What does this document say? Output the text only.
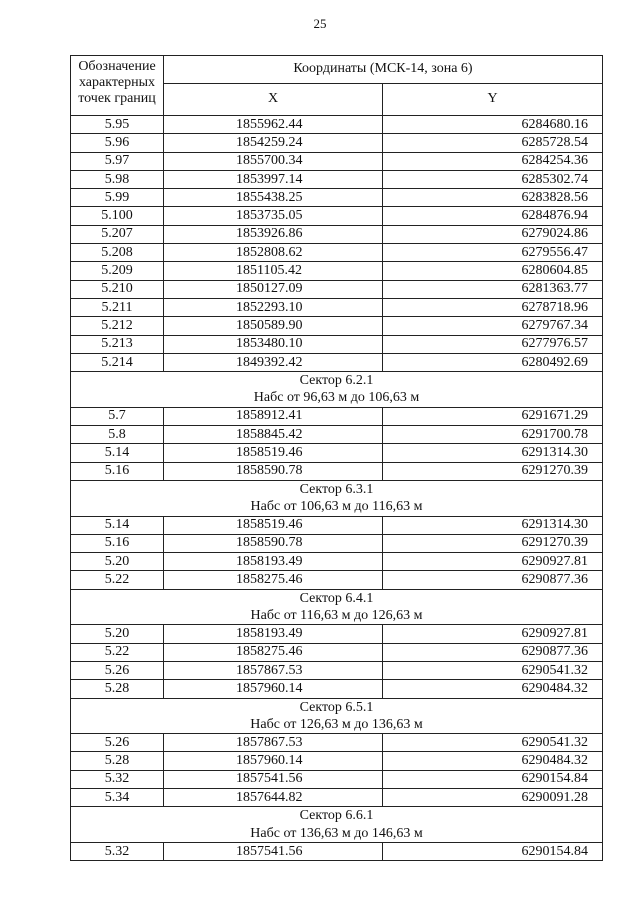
25
Обозначение характерных точек границ	Координаты (МСК-14, зона 6)	
	X	Y
5.95	1855962.44	6284680.16
5.96	1854259.24	6285728.54
5.97	1855700.34	6284254.36
5.98	1853997.14	6285302.74
5.99	1855438.25	6283828.56
5.100	1853735.05	6284876.94
5.207	1853926.86	6279024.86
5.208	1852808.62	6279556.47
5.209	1851105.42	6280604.85
5.210	1850127.09	6281363.77
5.211	1852293.10	6278718.96
5.212	1850589.90	6279767.34
5.213	1853480.10	6277976.57
5.214	1849392.42	6280492.69

Сектор 6.2.1
Набс от 96,63 м до 106,63 м		

5.7	1858912.41	6291671.29
5.8	1858845.42	6291700.78
5.14	1858519.46	6291314.30
5.16	1858590.78	6291270.39

Сектор 6.3.1
Набс от 106,63 м до 116,63 м		

5.14	1858519.46	6291314.30
5.16	1858590.78	6291270.39
5.20	1858193.49	6290927.81
5.22	1858275.46	6290877.36

Сектор 6.4.1
Набс от 116,63 м до 126,63 м		

5.20	1858193.49	6290927.81
5.22	1858275.46	6290877.36
5.26	1857867.53	6290541.32
5.28	1857960.14	6290484.32

Сектор 6.5.1
Набс от 126,63 м до 136,63 м		

5.26	1857867.53	6290541.32
5.28	1857960.14	6290484.32
5.32	1857541.56	6290154.84
5.34	1857644.82	6290091.28

Сектор 6.6.1
Набс от 136,63 м до 146,63 м		

5.32	1857541.56	6290154.84
